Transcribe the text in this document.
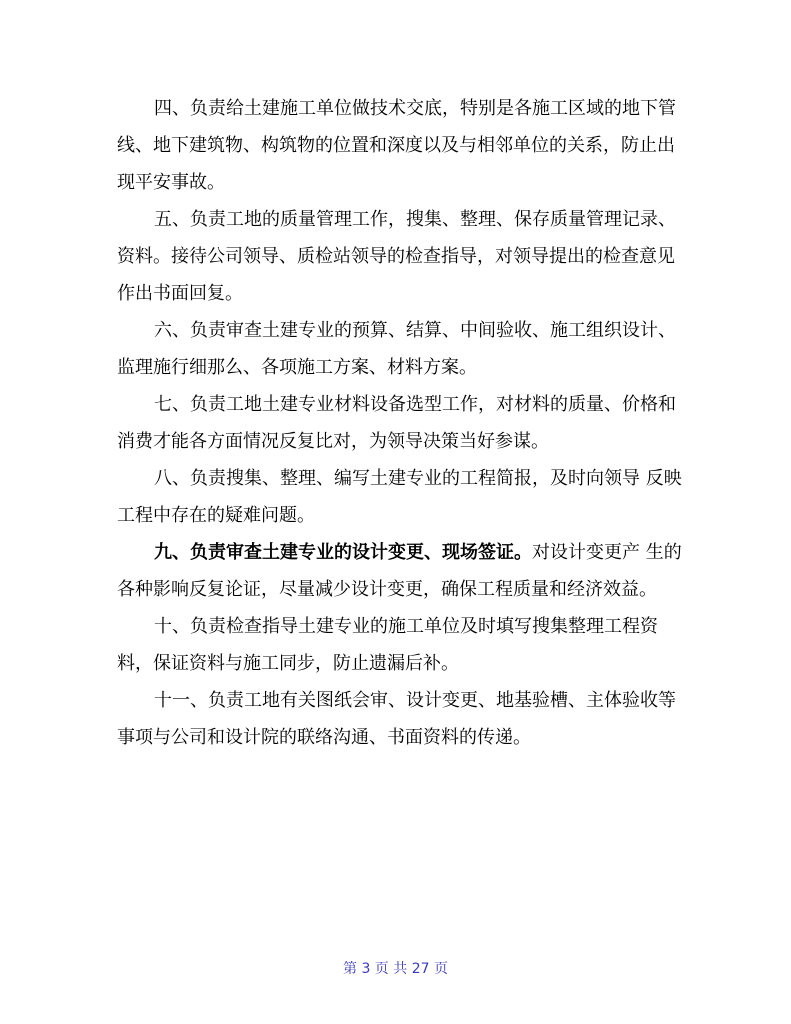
四、负责给土建施工单位做技术交底，特别是各施工区域的地下管线、地下建筑物、构筑物的位置和深度以及与相邻单位的关系，防止出现平安事故。

五、负责工地的质量管理工作，搜集、整理、保存质量管理记录、资料。接待公司领导、质检站领导的检查指导，对领导提出的检查意见作出书面回复。

六、负责审查土建专业的预算、结算、中间验收、施工组织设计、监理施行细那么、各项施工方案、材料方案。

七、负责工地土建专业材料设备选型工作，对材料的质量、价格和消费才能各方面情况反复比对，为领导决策当好参谋。

八、负责搜集、整理、编写土建专业的工程简报，及时向领导 反映工程中存在的疑难问题。

九、负责审查土建专业的设计变更、现场签证。对设计变更产 生的各种影响反复论证，尽量减少设计变更，确保工程质量和经济效益。

十、负责检查指导土建专业的施工单位及时填写搜集整理工程资料，保证资料与施工同步，防止遗漏后补。

十一、负责工地有关图纸会审、设计变更、地基验槽、主体验收等事项与公司和设计院的联络沟通、书面资料的传递。

第 3 页 共 27 页
